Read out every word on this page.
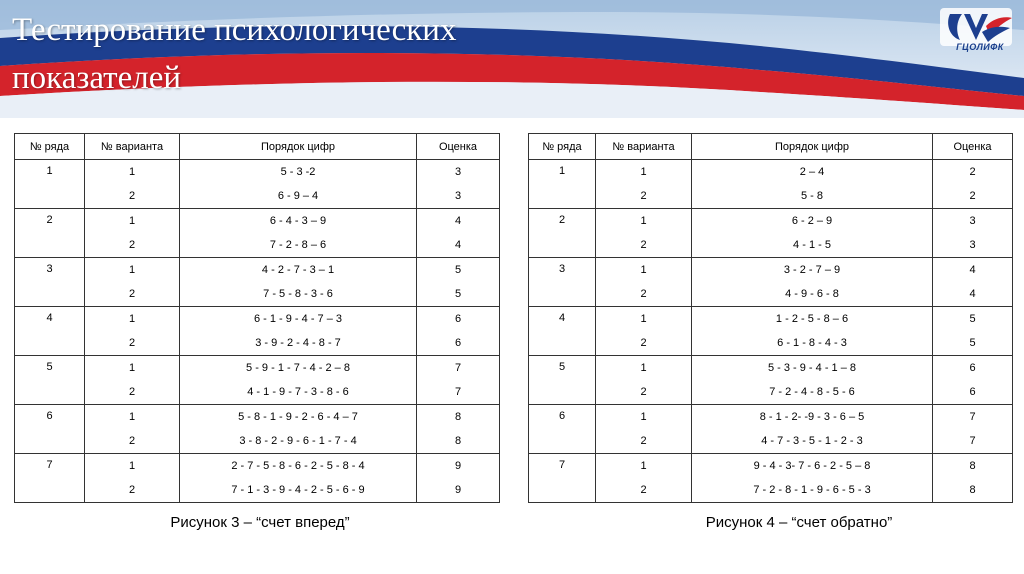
Тестирование психологических
показателей
ГЦОЛИФК
№ ряда	№ варианта	Порядок цифр	Оценка
1	1	5 - 3 -2	3
	2	6 - 9 – 4	3
2	1	6 - 4 - 3 – 9	4
	2	7 - 2 - 8 – 6	4
3	1	4 - 2 - 7 - 3 – 1	5
	2	7 - 5 - 8 - 3 - 6	5
4	1	6 - 1 - 9 - 4 - 7 – 3	6
	2	3 - 9 - 2 - 4 - 8 - 7	6
5	1	5 - 9 - 1 - 7 - 4 - 2 – 8	7
	2	4 - 1 - 9 - 7 - 3 - 8 - 6	7
6	1	5 - 8 - 1 - 9 - 2 - 6 - 4 – 7	8
	2	3 - 8 - 2 - 9 - 6 - 1 - 7 - 4	8
7	1	2 - 7 - 5 - 8 - 6 - 2 - 5 - 8 - 4	9
	2	7 - 1 - 3 - 9 - 4 - 2 - 5 - 6 - 9	9
№ ряда	№ варианта	Порядок цифр	Оценка
1	1	2 – 4	2
	2	5 - 8	2
2	1	6 - 2 – 9	3
	2	4 - 1 - 5	3
3	1	3 - 2 - 7 – 9	4
	2	4 - 9 - 6 - 8	4
4	1	1 - 2 - 5 - 8 – 6	5
	2	6 - 1 - 8 - 4 - 3	5
5	1	5 - 3 - 9 - 4 - 1 – 8	6
	2	7 - 2 - 4 - 8 - 5 - 6	6
6	1	8 - 1 - 2- -9 - 3 - 6 – 5	7
	2	4 - 7 - 3 - 5 - 1 - 2 - 3	7
7	1	9 - 4 - 3- 7 - 6 - 2 - 5 – 8	8
	2	7 - 2 - 8 - 1 - 9 - 6 - 5 - 3	8
Рисунок 3 – “счет вперед”	Рисунок 4 – “счет обратно”
